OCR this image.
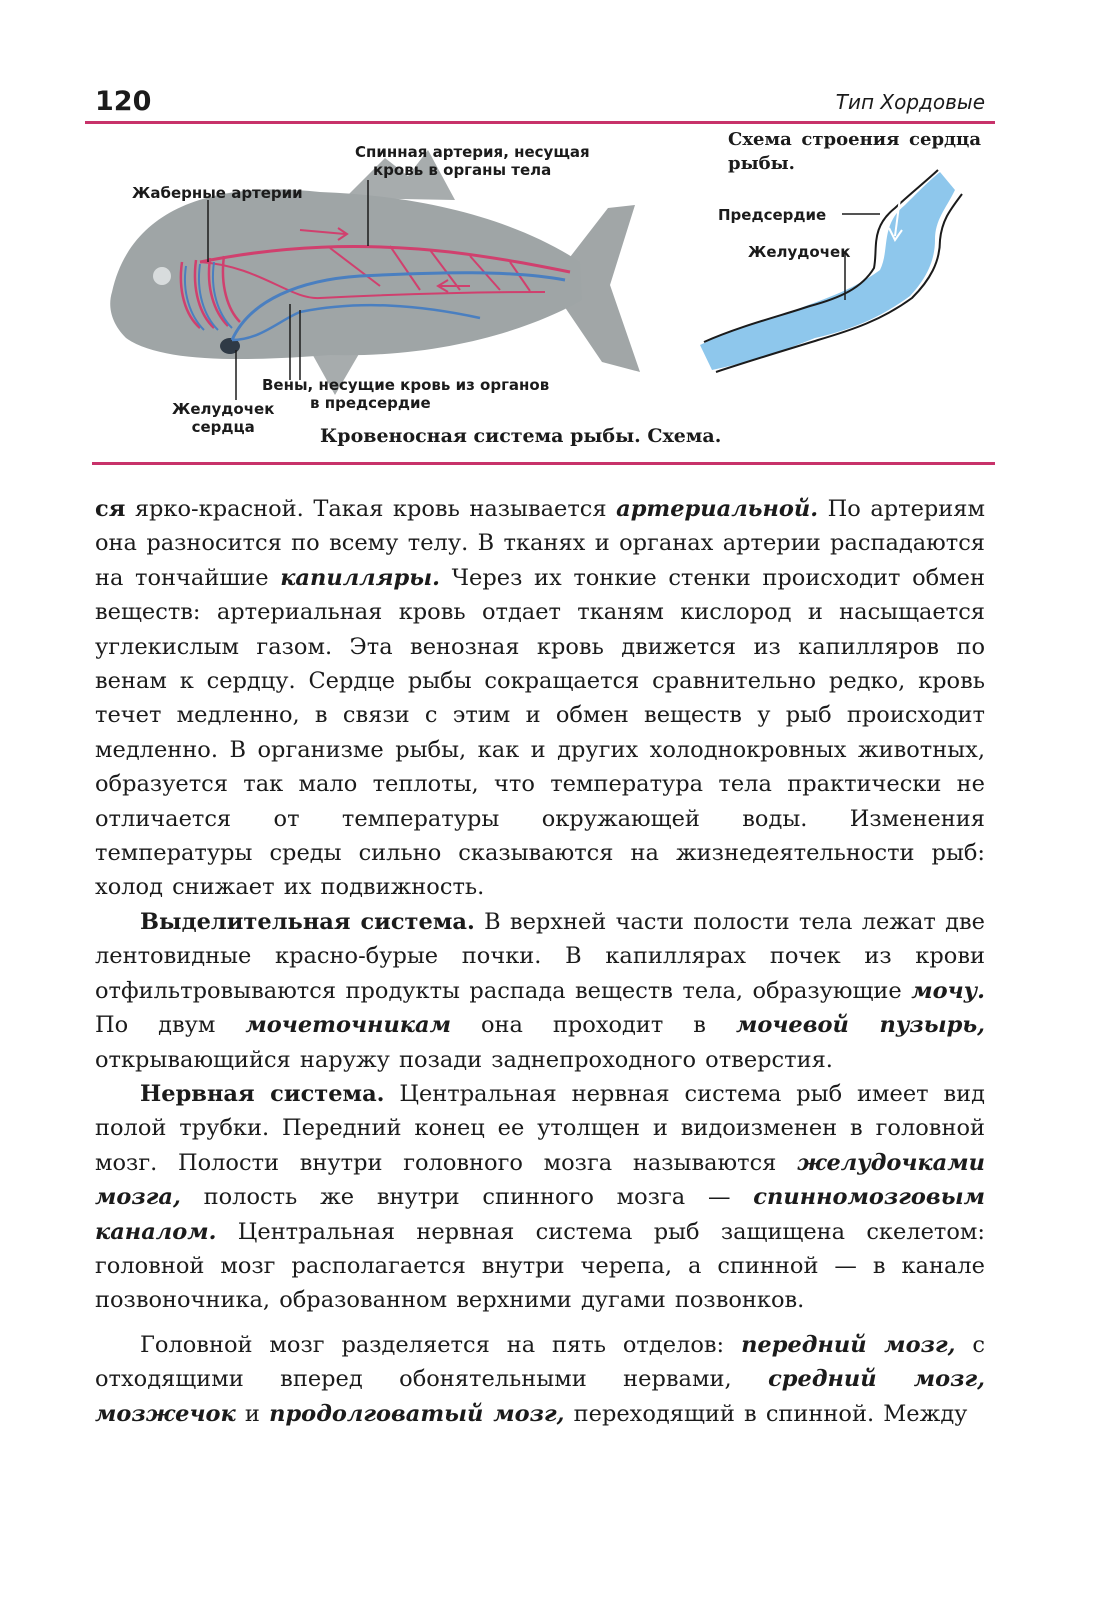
120	Тип Хордовые
Спинная артерия, несущая
кровь в органы тела
Жаберные артерии
Вены, несущие кровь из органов
в предсердие
Желудочек
сердца	Кровеносная система рыбы. Схема.
Схема строения сердца
рыбы.
Предсердие
Желудочек

ся ярко-красной. Такая кровь называется артериальной. По артериям она разносится по всему телу. В тканях и органах артерии распадаются на тончайшие капилляры. Через их тонкие стенки происходит обмен веществ: артериальная кровь отдает тканям кислород и насыщается углекислым газом. Эта венозная кровь движется из капилляров по венам к сердцу. Сердце рыбы сокращается сравнительно редко, кровь течет медленно, в связи с этим и обмен веществ у рыб происходит медленно. В организме рыбы, как и других холоднокровных животных, образуется так мало теплоты, что температура тела практически не отличается от температуры окружающей воды. Изменения температуры среды сильно сказываются на жизнедеятельности рыб: холод снижает их подвижность.

Выделительная система. В верхней части полости тела лежат две лентовидные красно-бурые почки. В капиллярах почек из крови отфильтровываются продукты распада веществ тела, образующие мочу. По двум мочеточникам она проходит в мочевой пузырь, открывающийся наружу позади заднепроходного отверстия.

Нервная система. Центральная нервная система рыб имеет вид полой трубки. Передний конец ее утолщен и видоизменен в головной мозг. Полости внутри головного мозга называются желудочками мозга, полость же внутри спинного мозга — спинномозговым каналом. Центральная нервная система рыб защищена скелетом: головной мозг располагается внутри черепа, а спинной — в канале позвоночника, образованном верхними дугами позвонков.

Головной мозг разделяется на пять отделов: передний мозг, с отходящими вперед обонятельными нервами, средний мозг, мозжечок и продолговатый мозг, переходящий в спинной. Между
